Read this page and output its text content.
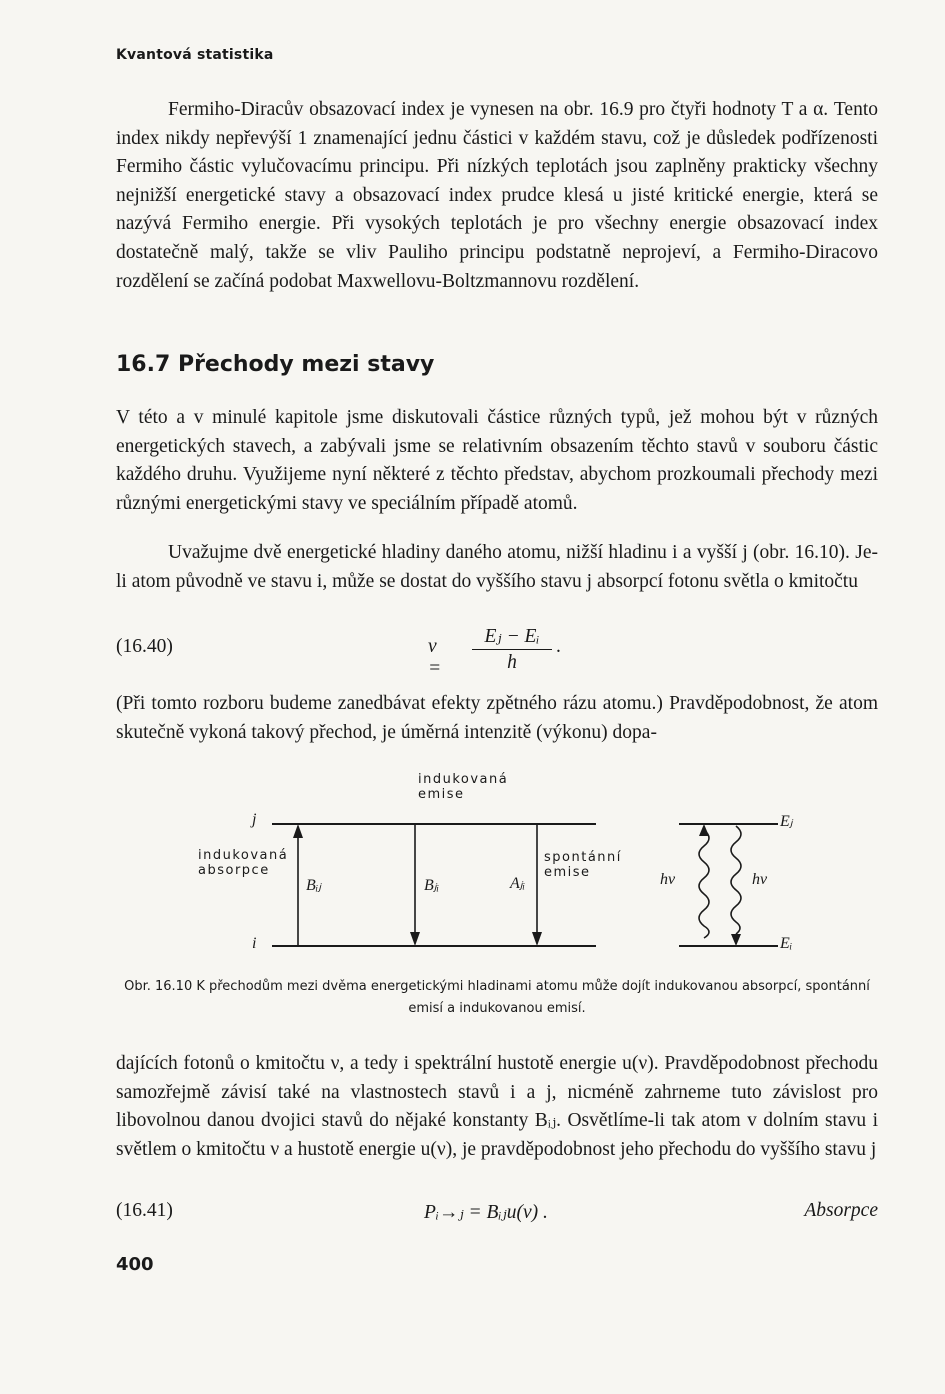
Kvantová statistika

Fermiho-Diracův obsazovací index je vynesen na obr. 16.9 pro čtyři hodnoty T a α. Tento index nikdy nepřevýší 1 znamenající jednu částici v každém stavu, což je důsledek podřízenosti Fermiho částic vylučovacímu principu. Při nízkých teplotách jsou zaplněny prakticky všechny nejnižší energetické stavy a obsazovací index prudce klesá u jisté kritické energie, která se nazývá Fermiho energie. Při vysokých teplotách je pro všechny energie obsazovací index dostatečně malý, takže se vliv Pauliho principu podstatně neprojeví, a Fermiho-Diracovo rozdělení se začíná podobat Maxwellovu-Boltzmannovu rozdělení.

16.7 Přechody mezi stavy

V této a v minulé kapitole jsme diskutovali částice různých typů, jež mohou být v různých energetických stavech, a zabývali jsme se relativním obsazením těchto stavů v souboru částic každého druhu. Využijeme nyní některé z těchto představ, abychom prozkoumali přechody mezi různými energetickými stavy ve speciálním případě atomů.

Uvažujme dvě energetické hladiny daného atomu, nižší hladinu i a vyšší j (obr. 16.10). Je-li atom původně ve stavu i, může se dostat do vyššího stavu j absorpcí fotonu světla o kmitočtu

(16.40)	$\nu = \frac{\text{Eⱼ − Eᵢ}}{h}$ .

(Při tomto rozboru budeme zanedbávat efekty zpětného rázu atomu.) Pravděpodobnost, že atom skutečně vykoná takový přechod, je úměrná intenzitě (výkonu) dopa-

indukovaná
emise
j
i
indukovaná
absorpce
spontánní
emise
Bᵢⱼ	Bⱼᵢ	Aⱼᵢ	hν	hν
Eⱼ
Eᵢ
Obr. 16.10 K přechodům mezi dvěma energetickými hladinami atomu může dojít indukovanou absorpcí, spontánní emisí a indukovanou emisí.

dajících fotonů o kmitočtu ν, a tedy i spektrální hustotě energie u(ν). Pravděpodobnost přechodu samozřejmě závisí také na vlastnostech stavů i a j, nicméně zahrneme tuto závislost pro libovolnou danou dvojici stavů do nějaké konstanty Bᵢⱼ. Osvětlíme-li tak atom v dolním stavu i světlem o kmitočtu ν a hustotě energie u(ν), je pravděpodobnost jeho přechodu do vyššího stavu j

(16.41)	Pᵢ→ⱼ = Bᵢⱼu(ν) .	Absorpce
400
